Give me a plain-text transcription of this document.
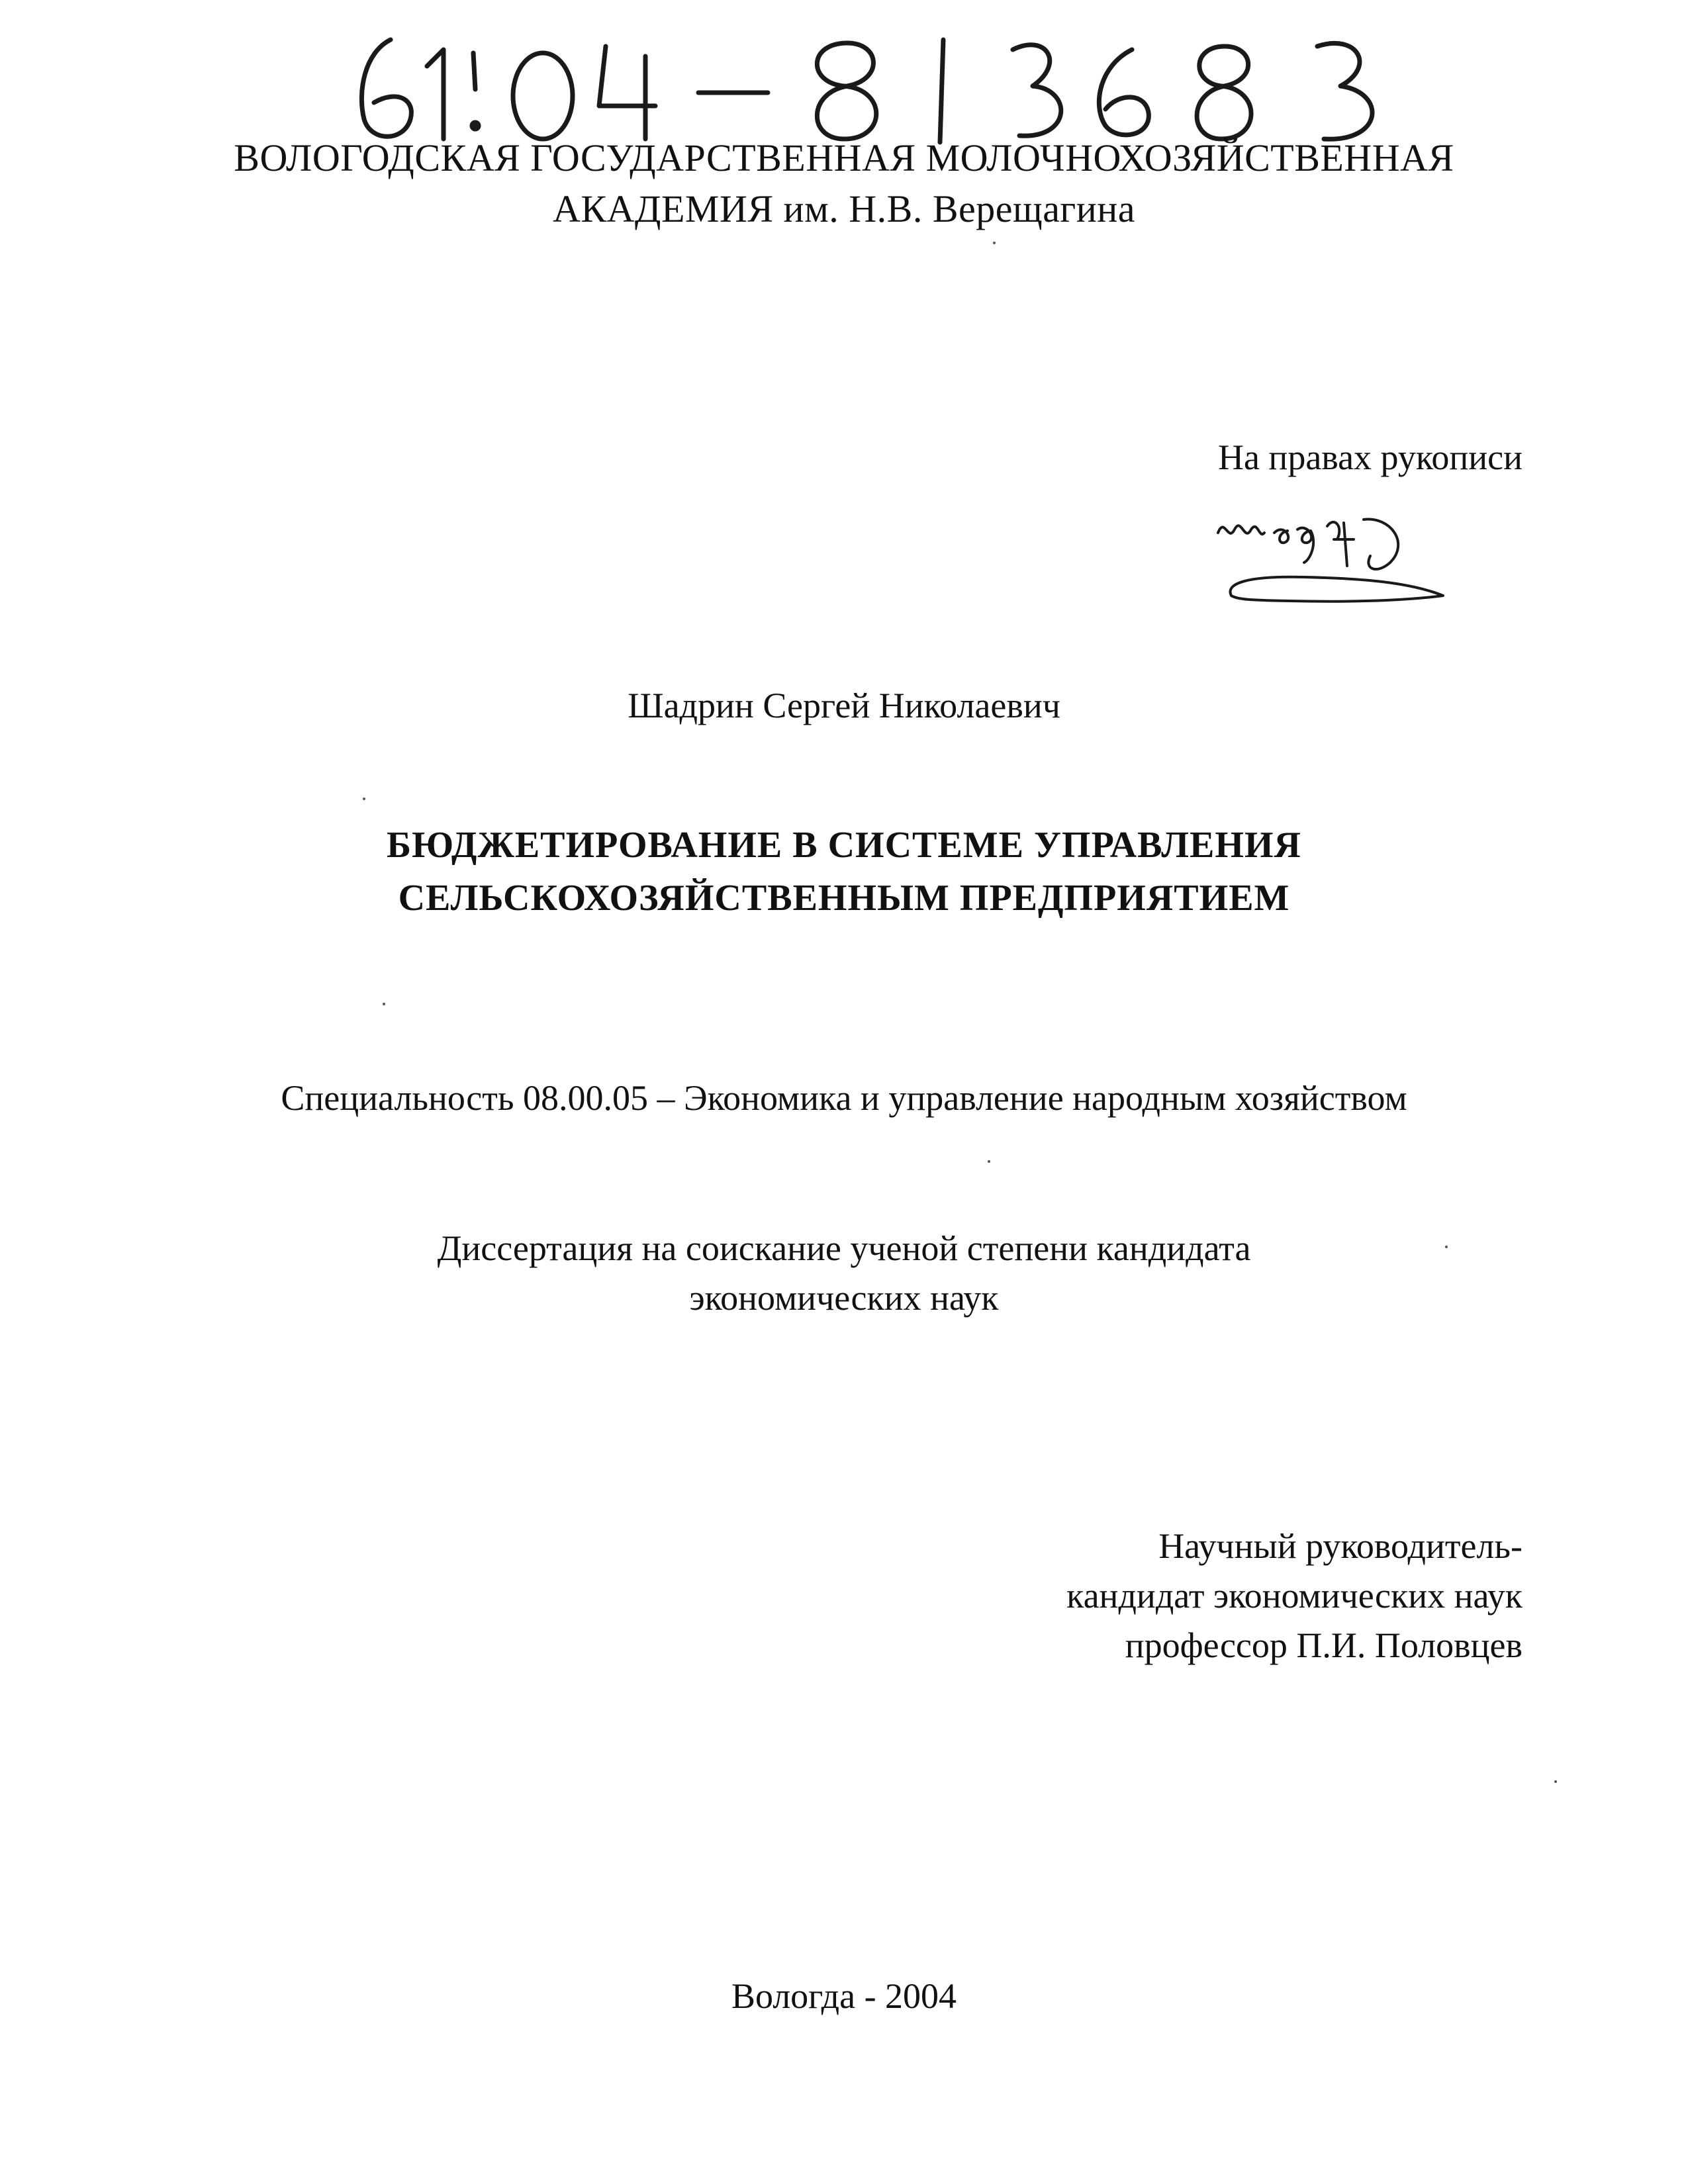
ВОЛОГОДСКАЯ ГОСУДАРСТВЕННАЯ МОЛОЧНОХОЗЯЙСТВЕННАЯ
АКАДЕМИЯ им. Н.В. Верещагина
На правах рукописи
Шадрин Сергей Николаевич
БЮДЖЕТИРОВАНИЕ В СИСТЕМЕ УПРАВЛЕНИЯ
СЕЛЬСКОХОЗЯЙСТВЕННЫМ ПРЕДПРИЯТИЕМ
Специальность 08.00.05 – Экономика и управление народным хозяйством
Диссертация на соискание ученой степени кандидата
экономических наук
Научный руководитель-
кандидат экономических наук
профессор П.И. Половцев
Вологда - 2004
